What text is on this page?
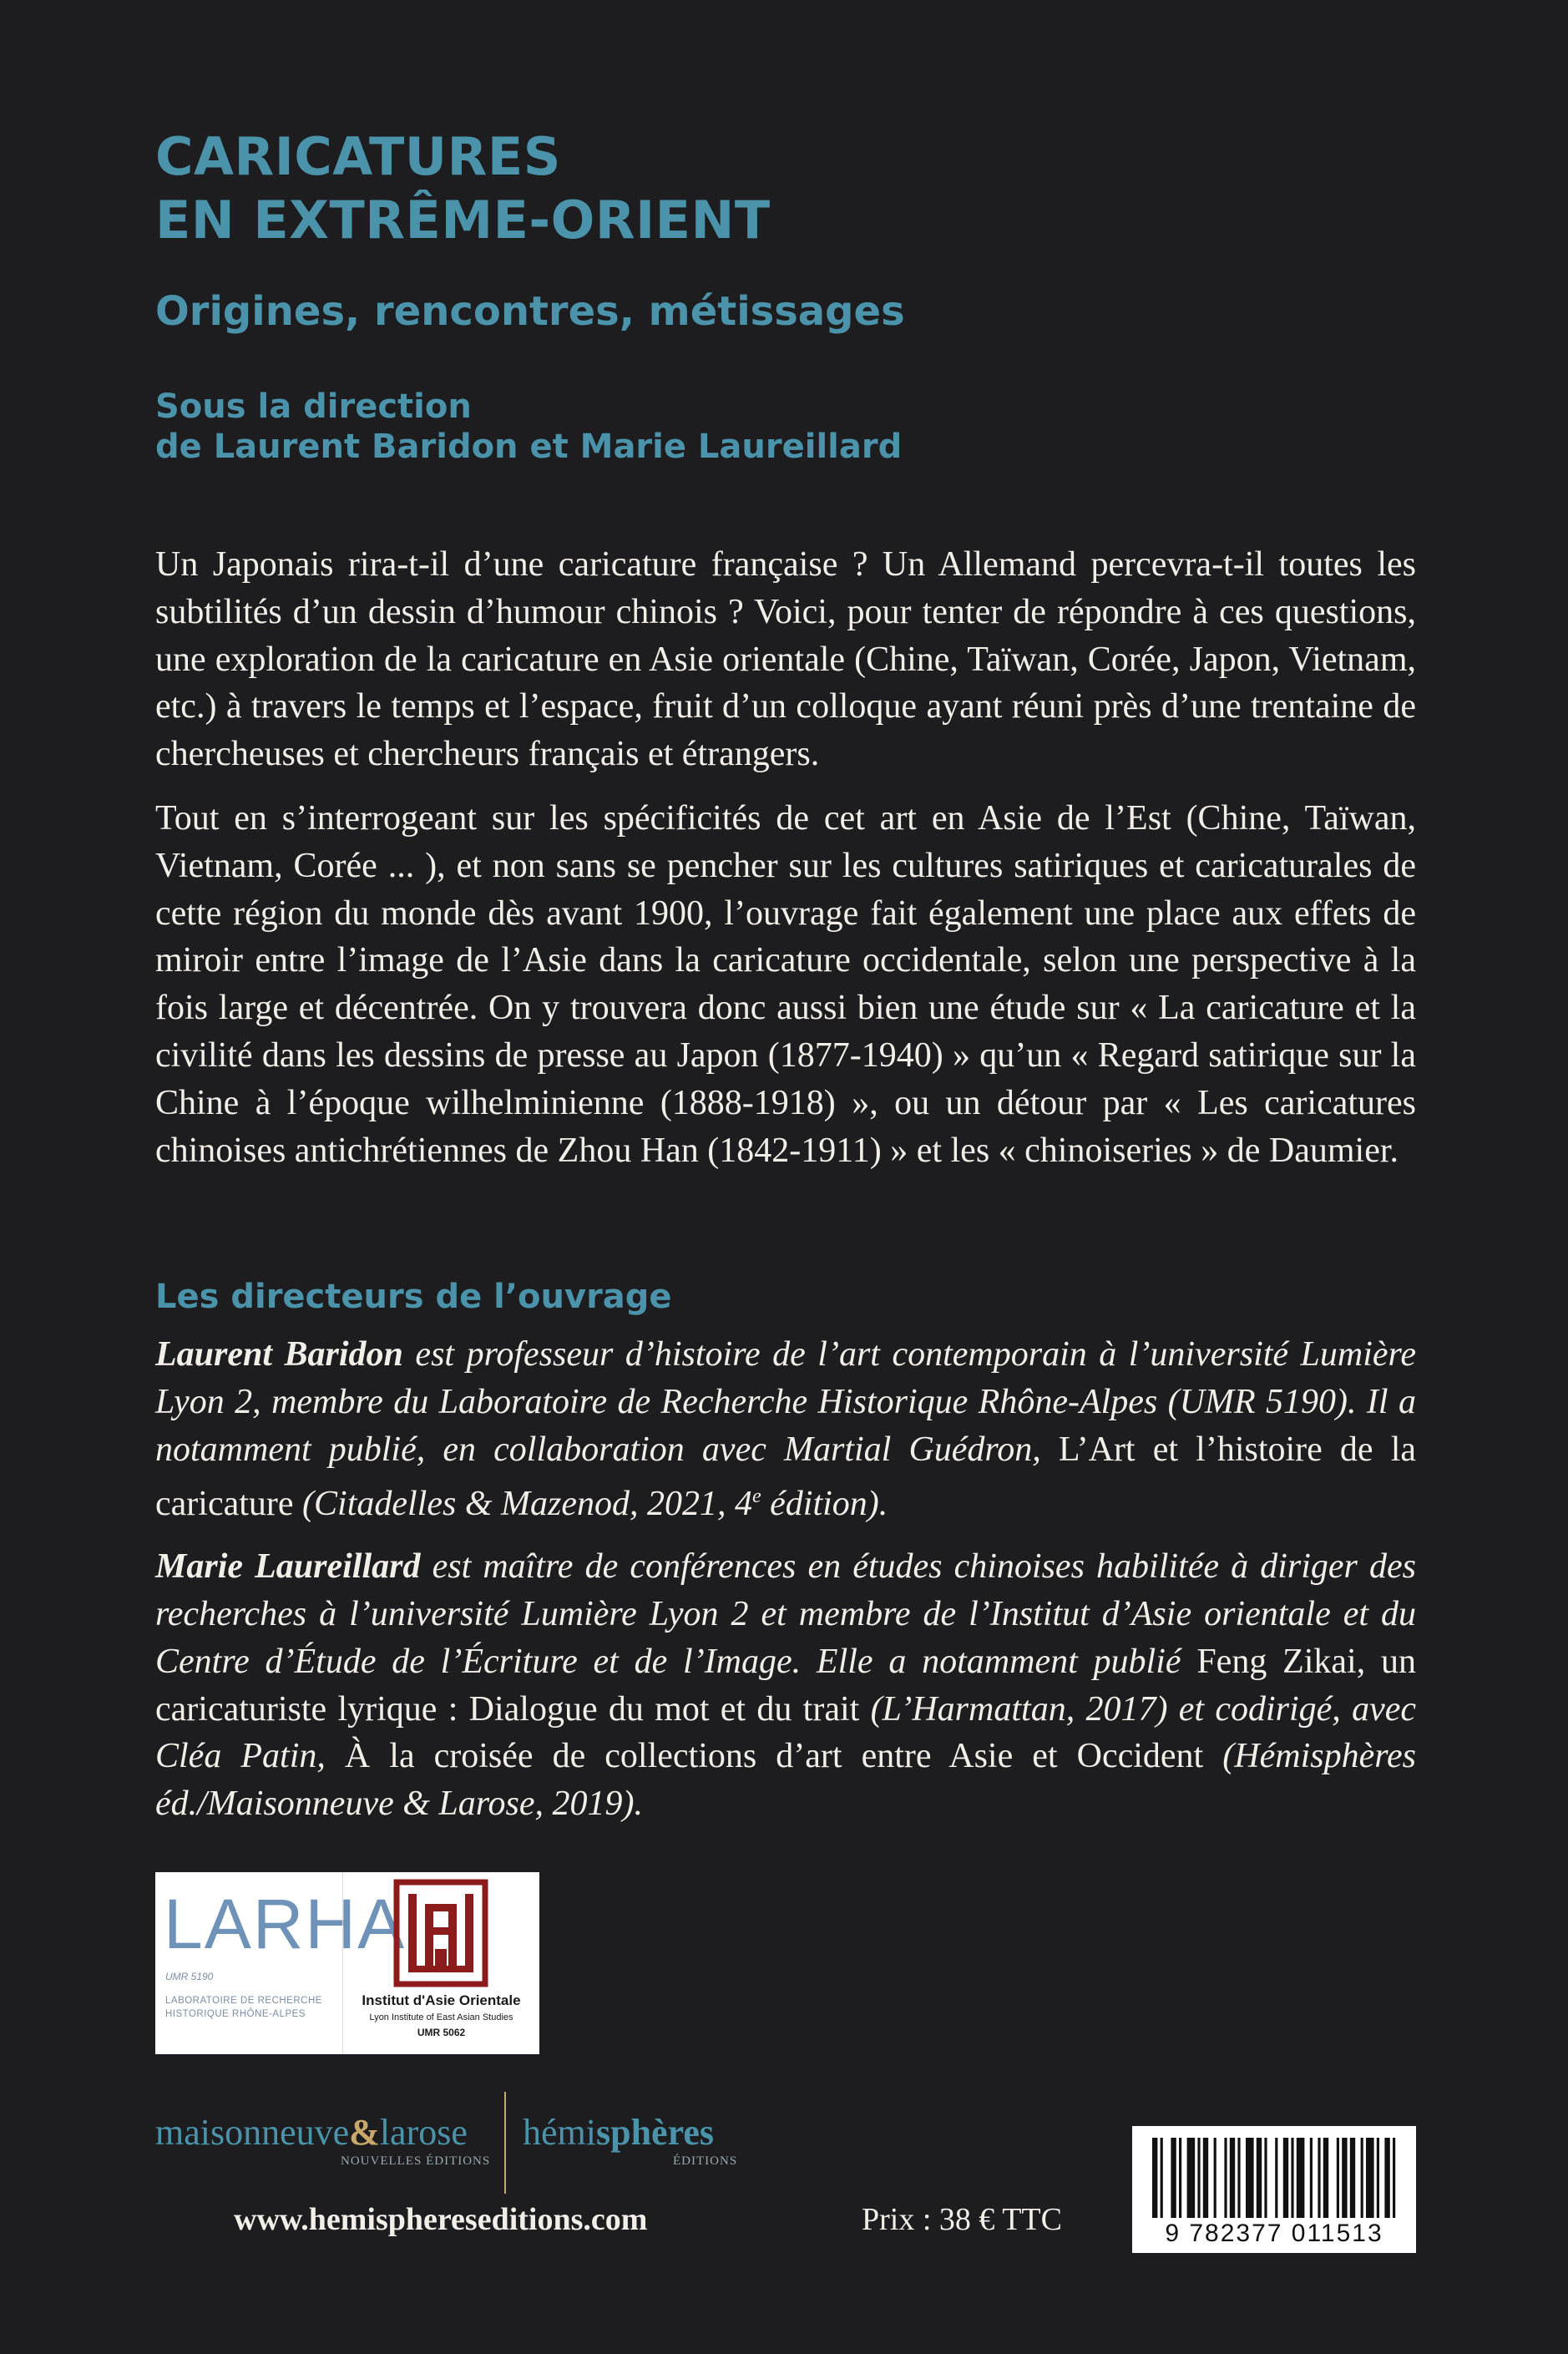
CARICATURES
EN EXTRÊME-ORIENT
Origines, rencontres, métissages
Sous la direction
de Laurent Baridon et Marie Laureillard

Un Japonais rira-t-il d’une caricature française ? Un Allemand percevra-t-il toutes les subtilités d’un dessin d’humour chinois ? Voici, pour tenter de répondre à ces questions, une exploration de la caricature en Asie orientale (Chine, Taïwan, Corée, Japon, Vietnam, etc.) à travers le temps et l’espace, fruit d’un colloque ayant réuni près d’une trentaine de chercheuses et chercheurs français et étrangers.

Tout en s’interrogeant sur les spécificités de cet art en Asie de l’Est (Chine, Taïwan, Vietnam, Corée ... ), et non sans se pencher sur les cultures satiriques et caricaturales de cette région du monde dès avant 1900, l’ouvrage fait également une place aux effets de miroir entre l’image de l’Asie dans la caricature occidentale, selon une perspective à la fois large et décentrée. On y trouvera donc aussi bien une étude sur « La caricature et la civilité dans les dessins de presse au Japon (1877-1940) » qu’un « Regard satirique sur la Chine à l’époque wilhelminienne (1888-1918) », ou un détour par « Les caricatures chinoises antichrétiennes de Zhou Han (1842-1911) » et les « chinoiseries » de Daumier.

Les directeurs de l’ouvrage

Laurent Baridon est professeur d’histoire de l’art contemporain à l’université Lumière Lyon 2, membre du Laboratoire de Recherche Historique Rhône-Alpes (UMR 5190). Il a notamment publié, en collaboration avec Martial Guédron, L’Art et l’histoire de la caricature (Citadelles & Mazenod, 2021, 4e édition).

Marie Laureillard est maître de conférences en études chinoises habilitée à diriger des recherches à l’université Lumière Lyon 2 et membre de l’Institut d’Asie orientale et du Centre d’Étude de l’Écriture et de l’Image. Elle a notamment publié Feng Zikai, un caricaturiste lyrique : Dialogue du mot et du trait (L’Harmattan, 2017) et codirigé, avec Cléa Patin, À la croisée de collections d’art entre Asie et Occident (Hémisphères éd./Maisonneuve & Larose, 2019).

LARHA
UMR 5190
LABORATOIRE DE RECHERCHE
HISTORIQUE RHÔNE-ALPES
Institut d'Asie Orientale
Lyon Institute of East Asian Studies
UMR 5062
maisonneuve&larose
NOUVELLES ÉDITIONS
hémisphères
ÉDITIONS
www.hemisphereseditions.com	Prix : 38 € TTC	9 782377 011513
